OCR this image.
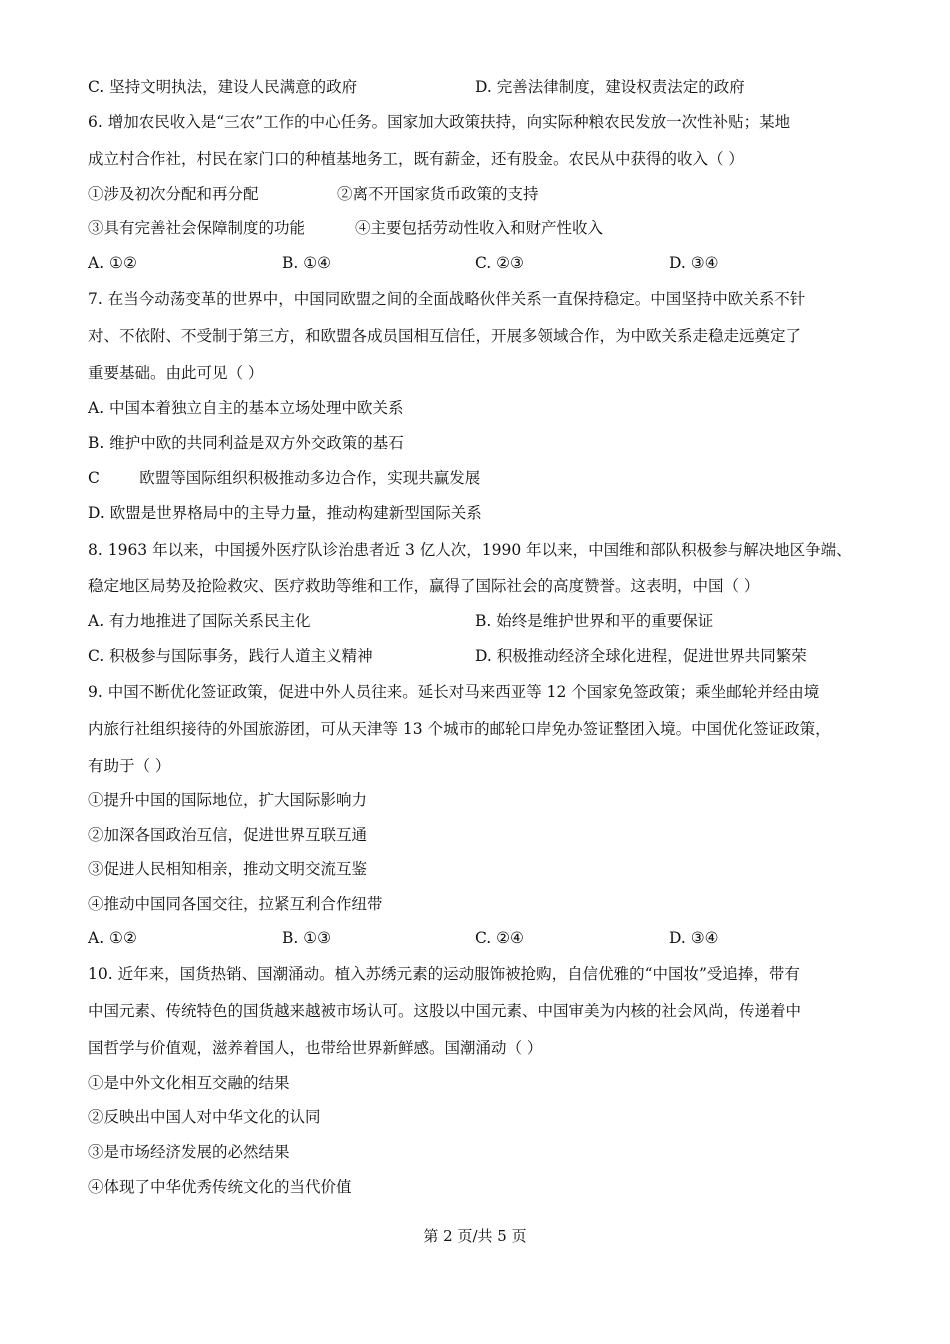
C. 坚持文明执法，建设人民满意的政府	D. 完善法律制度，建设权责法定的政府
6. 增加农民收入是“三农”工作的中心任务。国家加大政策扶持，向实际种粮农民发放一次性补贴；某地
成立村合作社，村民在家门口的种植基地务工，既有薪金，还有股金。农民从中获得的收入（ ）
①涉及初次分配和再分配	②离不开国家货币政策的支持
③具有完善社会保障制度的功能	④主要包括劳动性收入和财产性收入
A. ①②	B. ①④	C. ②③	D. ③④
7. 在当今动荡变革的世界中，中国同欧盟之间的全面战略伙伴关系一直保持稳定。中国坚持中欧关系不针
对、不依附、不受制于第三方，和欧盟各成员国相互信任，开展多领域合作，为中欧关系走稳走远奠定了
重要基础。由此可见（ ）
A. 中国本着独立自主的基本立场处理中欧关系
B. 维护中欧的共同利益是双方外交政策的基石
C        欧盟等国际组织积极推动多边合作，实现共赢发展
D. 欧盟是世界格局中的主导力量，推动构建新型国际关系
8. 1963 年以来，中国援外医疗队诊治患者近 3 亿人次，1990 年以来，中国维和部队积极参与解决地区争端、
稳定地区局势及抢险救灾、医疗救助等维和工作，赢得了国际社会的高度赞誉。这表明，中国（ ）
A. 有力地推进了国际关系民主化	B. 始终是维护世界和平的重要保证
C. 积极参与国际事务，践行人道主义精神	D. 积极推动经济全球化进程，促进世界共同繁荣
9. 中国不断优化签证政策，促进中外人员往来。延长对马来西亚等 12 个国家免签政策；乘坐邮轮并经由境
内旅行社组织接待的外国旅游团，可从天津等 13 个城市的邮轮口岸免办签证整团入境。中国优化签证政策，
有助于（ ）
①提升中国的国际地位，扩大国际影响力
②加深各国政治互信，促进世界互联互通
③促进人民相知相亲，推动文明交流互鉴
④推动中国同各国交往，拉紧互利合作纽带
A. ①②	B. ①③	C. ②④	D. ③④
10. 近年来，国货热销、国潮涌动。植入苏绣元素的运动服饰被抢购，自信优雅的“中国妆”受追捧，带有
中国元素、传统特色的国货越来越被市场认可。这股以中国元素、中国审美为内核的社会风尚，传递着中
国哲学与价值观，滋养着国人，也带给世界新鲜感。国潮涌动（ ）
①是中外文化相互交融的结果
②反映出中国人对中华文化的认同
③是市场经济发展的必然结果
④体现了中华优秀传统文化的当代价值
第 2 页/共 5 页
